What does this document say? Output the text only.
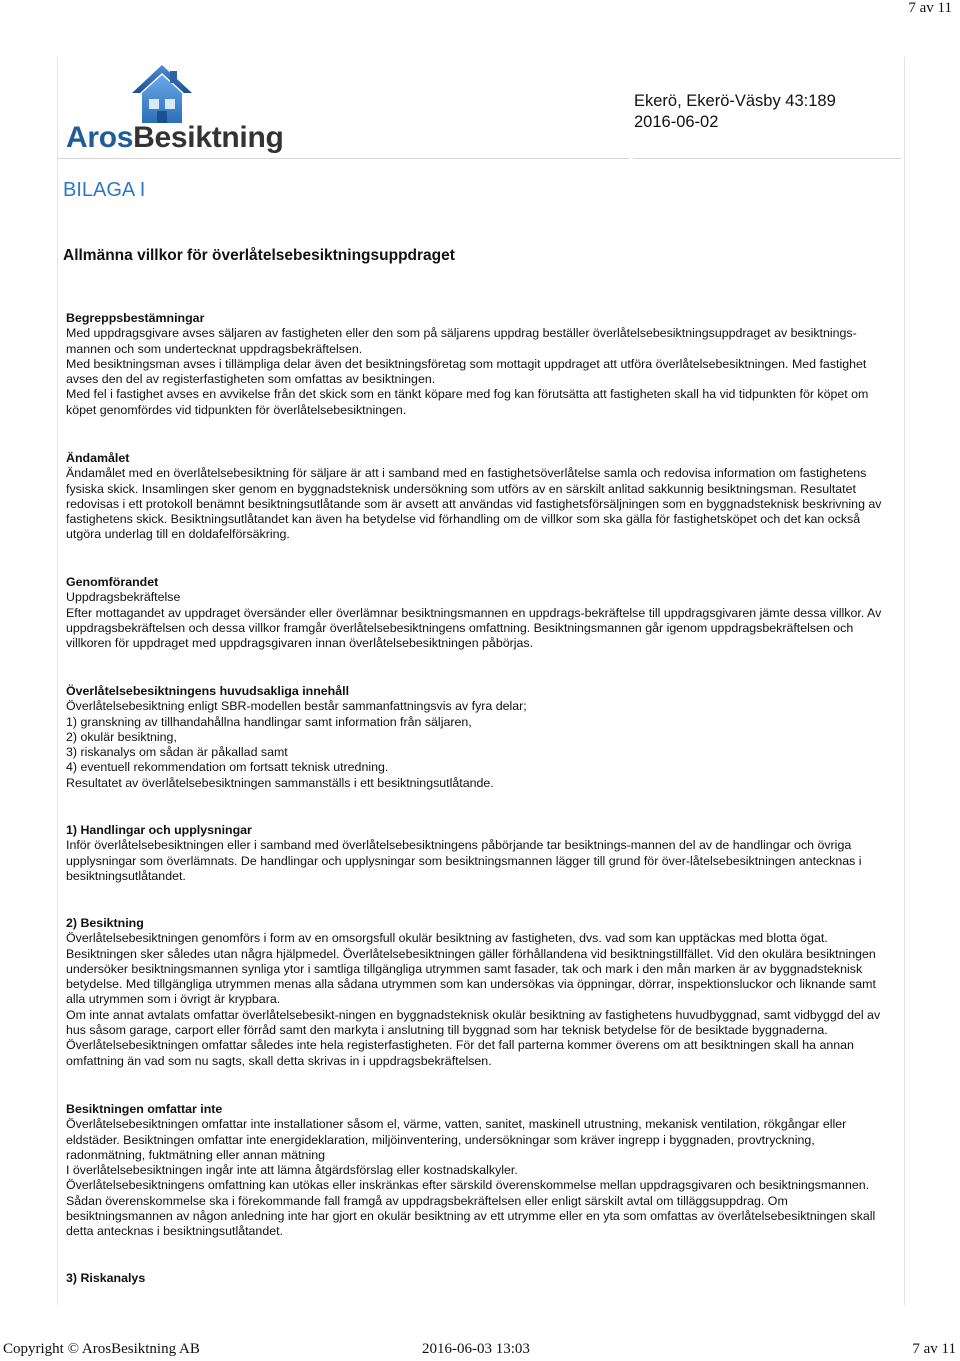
7 av 11
ArosBesiktning
Ekerö, Ekerö-Väsby 43:189
2016-06-02
BILAGA I
Allmänna villkor för överlåtelsebesiktningsuppdraget
Begreppsbestämningar

Med uppdragsgivare avses säljaren av fastigheten eller den som på säljarens uppdrag beställer överlåtelsebesiktningsuppdraget av besiktnings-

mannen och som undertecknat uppdragsbekräftelsen.

Med besiktningsman avses i tillämpliga delar även det besiktningsföretag som mottagit uppdraget att utföra överlåtelsebesiktningen. Med fastighet

avses den del av registerfastigheten som omfattas av besiktningen.

Med fel i fastighet avses en avvikelse från det skick som en tänkt köpare med fog kan förutsätta att fastigheten skall ha vid tidpunkten för köpet om

köpet genomfördes vid tidpunkten för överlåtelsebesiktningen.

Ändamålet

Ändamålet med en överlåtelsebesiktning för säljare är att i samband med en fastighetsöverlåtelse samla och redovisa information om fastighetens

fysiska skick. Insamlingen sker genom en byggnadsteknisk undersökning som utförs av en särskilt anlitad sakkunnig besiktningsman. Resultatet

redovisas i ett protokoll benämnt besiktningsutlåtande som är avsett att användas vid fastighetsförsäljningen som en byggnadsteknisk beskrivning av

fastighetens skick. Besiktningsutlåtandet kan även ha betydelse vid förhandling om de villkor som ska gälla för fastighetsköpet och det kan också

utgöra underlag till en doldafelförsäkring.

Genomförandet

Uppdragsbekräftelse

Efter mottagandet av uppdraget översänder eller överlämnar besiktningsmannen en uppdrags-bekräftelse till uppdragsgivaren jämte dessa villkor. Av

uppdragsbekräftelsen och dessa villkor framgår överlåtelsebesiktningens omfattning. Besiktningsmannen går igenom uppdragsbekräftelsen och

villkoren för uppdraget med uppdragsgivaren innan överlåtelsebesiktningen påbörjas.

Överlåtelsebesiktningens huvudsakliga innehåll

Överlåtelsebesiktning enligt SBR-modellen består sammanfattningsvis av fyra delar;

1) granskning av tillhandahållna handlingar samt information från säljaren,

2) okulär besiktning,

3) riskanalys om sådan är påkallad samt

4) eventuell rekommendation om fortsatt teknisk utredning.

Resultatet av överlåtelsebesiktningen sammanställs i ett besiktningsutlåtande.

1) Handlingar och upplysningar

Inför överlåtelsebesiktningen eller i samband med överlåtelsebesiktningens påbörjande tar besiktnings-mannen del av de handlingar och övriga

upplysningar som överlämnats. De handlingar och upplysningar som besiktningsmannen lägger till grund för över-låtelsebesiktningen antecknas i

besiktningsutlåtandet.

2) Besiktning

Överlåtelsebesiktningen genomförs i form av en omsorgsfull okulär besiktning av fastigheten, dvs. vad som kan upptäckas med blotta ögat.

Besiktningen sker således utan några hjälpmedel. Överlåtelsebesiktningen gäller förhållandena vid besiktningstillfället. Vid den okulära besiktningen

undersöker besiktningsmannen synliga ytor i samtliga tillgängliga utrymmen samt fasader, tak och mark i den mån marken är av byggnadsteknisk

betydelse. Med tillgängliga utrymmen menas alla sådana utrymmen som kan undersökas via öppningar, dörrar, inspektionsluckor och liknande samt

alla utrymmen som i övrigt är krypbara.

Om inte annat avtalats omfattar överlåtelsebesikt-ningen en byggnadsteknisk okulär besiktning av fastighetens huvudbyggnad, samt vidbyggd del av

hus såsom garage, carport eller förråd samt den markyta i anslutning till byggnad som har teknisk betydelse för de besiktade byggnaderna.

Överlåtelsebesiktningen omfattar således inte hela registerfastigheten. För det fall parterna kommer överens om att besiktningen skall ha annan

omfattning än vad som nu sagts, skall detta skrivas in i uppdragsbekräftelsen.

Besiktningen omfattar inte

Överlåtelsebesiktningen omfattar inte installationer såsom el, värme, vatten, sanitet, maskinell utrustning, mekanisk ventilation, rökgångar eller

eldstäder. Besiktningen omfattar inte energideklaration, miljöinventering, undersökningar som kräver ingrepp i byggnaden, provtryckning,

radonmätning, fuktmätning eller annan mätning

I överlåtelsebesiktningen ingår inte att lämna åtgärdsförslag eller kostnadskalkyler.

Överlåtelsebesiktningens omfattning kan utökas eller inskränkas efter särskild överenskommelse mellan uppdragsgivaren och besiktningsmannen.

Sådan överenskommelse ska i förekommande fall framgå av uppdragsbekräftelsen eller enligt särskilt avtal om tilläggsuppdrag. Om

besiktningsmannen av någon anledning inte har gjort en okulär besiktning av ett utrymme eller en yta som omfattas av överlåtelsebesiktningen skall

detta antecknas i besiktningsutlåtandet.

3) Riskanalys
Copyright © ArosBesiktning AB	2016-06-03 13:03	7 av 11
